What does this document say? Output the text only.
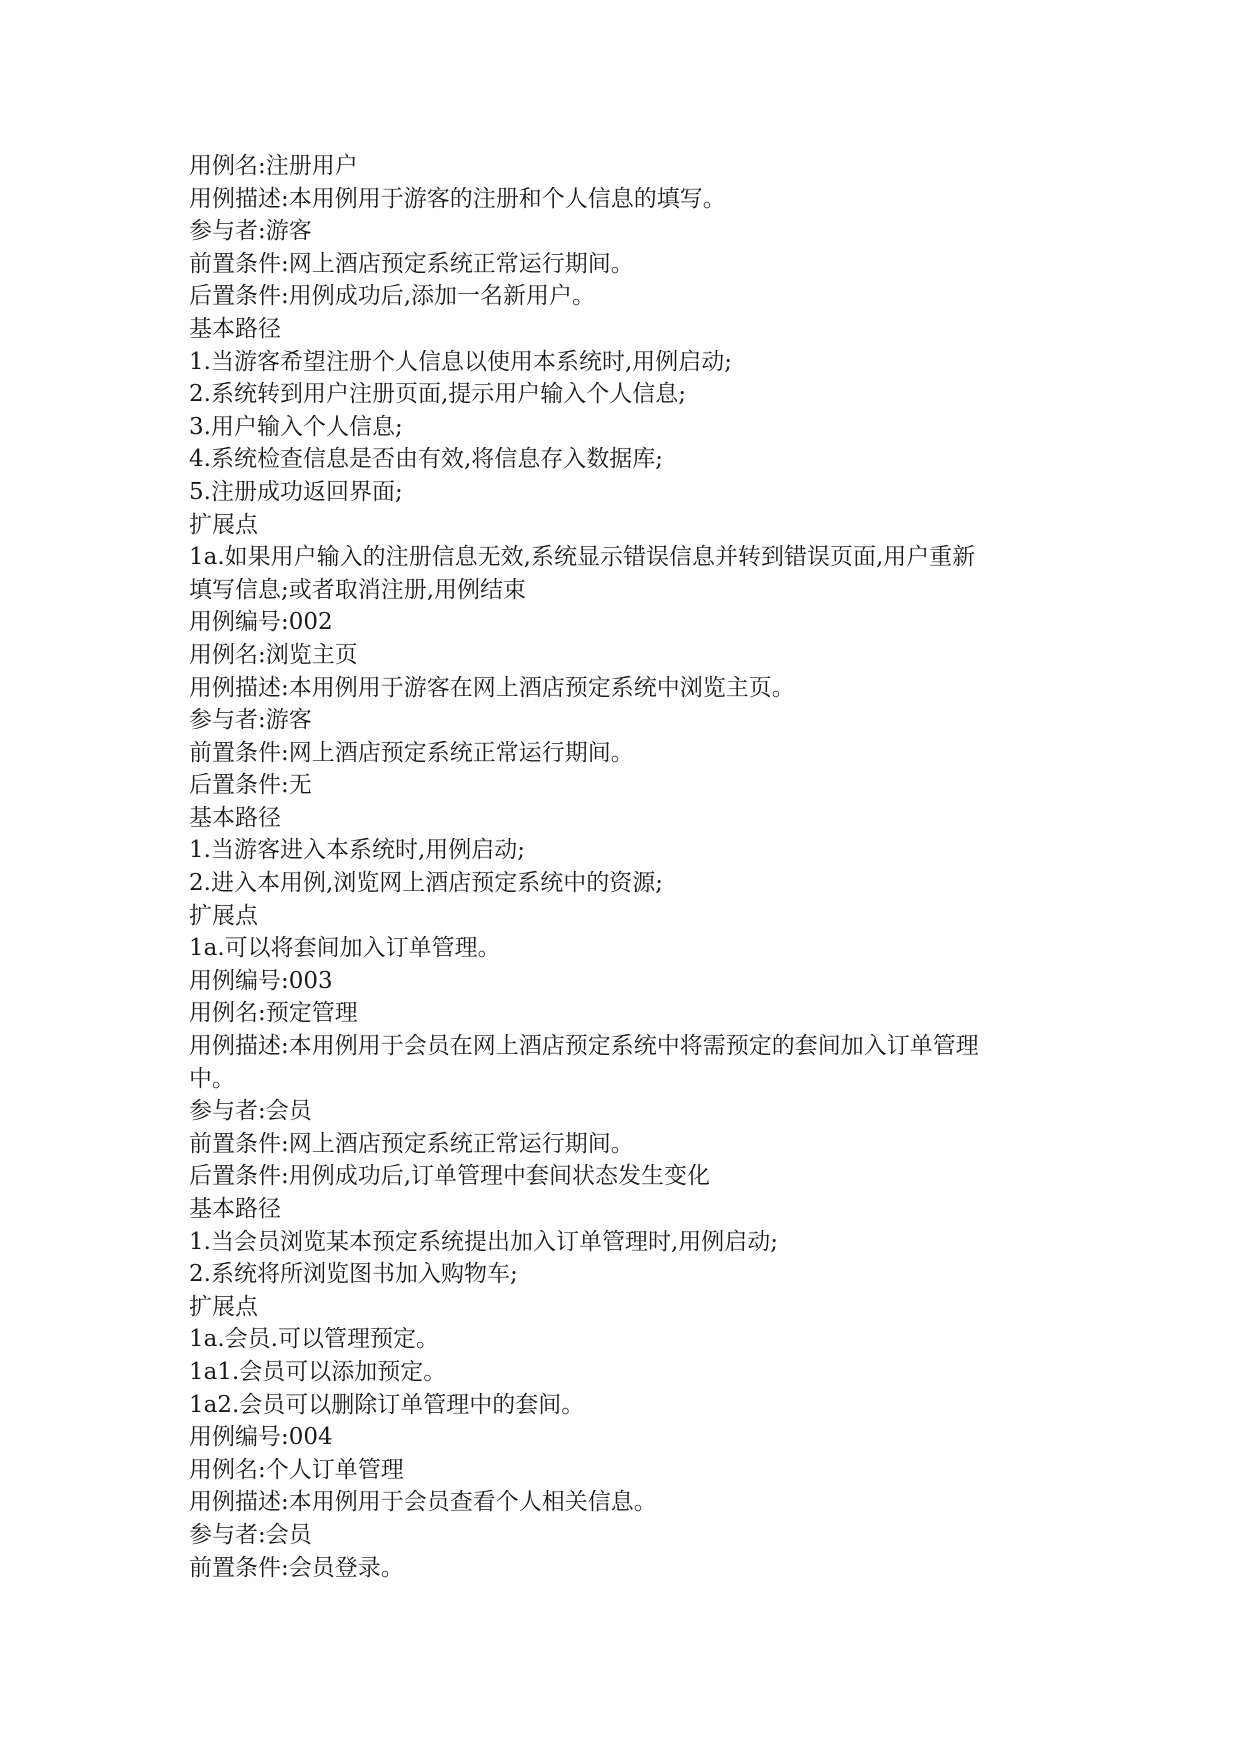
用例名:注册用户
用例描述:本用例用于游客的注册和个人信息的填写。
参与者:游客
前置条件:网上酒店预定系统正常运行期间。
后置条件:用例成功后,添加一名新用户。
基本路径
1.当游客希望注册个人信息以使用本系统时,用例启动;
2.系统转到用户注册页面,提示用户输入个人信息;
3.用户输入个人信息;
4.系统检查信息是否由有效,将信息存入数据库;
5.注册成功返回界面;
扩展点
1a.如果用户输入的注册信息无效,系统显示错误信息并转到错误页面,用户重新
填写信息;或者取消注册,用例结束
用例编号:002
用例名:浏览主页
用例描述:本用例用于游客在网上酒店预定系统中浏览主页。
参与者:游客
前置条件:网上酒店预定系统正常运行期间。
后置条件:无
基本路径
1.当游客进入本系统时,用例启动;
2.进入本用例,浏览网上酒店预定系统中的资源;
扩展点
1a.可以将套间加入订单管理。
用例编号:003
用例名:预定管理
用例描述:本用例用于会员在网上酒店预定系统中将需预定的套间加入订单管理
中。
参与者:会员
前置条件:网上酒店预定系统正常运行期间。
后置条件:用例成功后,订单管理中套间状态发生变化
基本路径
1.当会员浏览某本预定系统提出加入订单管理时,用例启动;
2.系统将所浏览图书加入购物车;
扩展点
1a.会员.可以管理预定。
1a1.会员可以添加预定。
1a2.会员可以删除订单管理中的套间。
用例编号:004
用例名:个人订单管理
用例描述:本用例用于会员查看个人相关信息。
参与者:会员
前置条件:会员登录。
